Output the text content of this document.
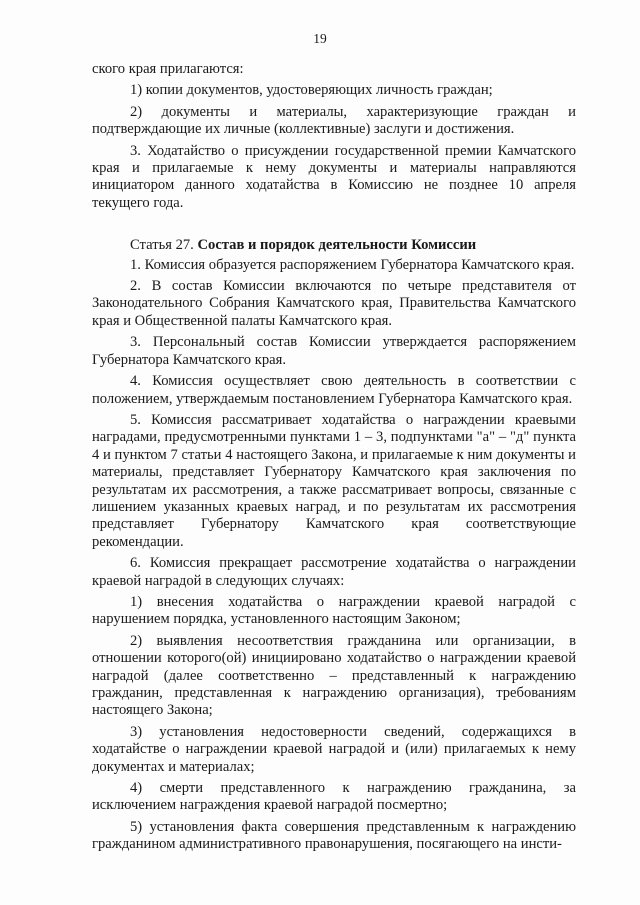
19

ского края прилагаются:

1) копии документов, удостоверяющих личность граждан;

2) документы и материалы, характеризующие граждан и подтверждающие их личные (коллективные) заслуги и достижения.

3. Ходатайство о присуждении государственной премии Камчатского края и прилагаемые к нему документы и материалы направляются инициатором данного ходатайства в Комиссию не позднее 10 апреля текущего года.

Статья 27. Состав и порядок деятельности Комиссии

1. Комиссия образуется распоряжением Губернатора Камчатского края.

2. В состав Комиссии включаются по четыре представителя от Законодательного Собрания Камчатского края, Правительства Камчатского края и Общественной палаты Камчатского края.

3. Персональный состав Комиссии утверждается распоряжением Губернатора Камчатского края.

4. Комиссия осуществляет свою деятельность в соответствии с положением, утверждаемым постановлением Губернатора Камчатского края.

5. Комиссия рассматривает ходатайства о награждении краевыми наградами, предусмотренными пунктами 1 – 3, подпунктами "а" – "д" пункта 4 и пунктом 7 статьи 4 настоящего Закона, и прилагаемые к ним документы и материалы, представляет Губернатору Камчатского края заключения по результатам их рассмотрения, а также рассматривает вопросы, связанные с лишением указанных краевых наград, и по результатам их рассмотрения представляет Губернатору Камчатского края соответствующие рекомендации.

6. Комиссия прекращает рассмотрение ходатайства о награждении краевой наградой в следующих случаях:

1) внесения ходатайства о награждении краевой наградой с нарушением порядка, установленного настоящим Законом;

2) выявления несоответствия гражданина или организации, в отношении которого(ой) инициировано ходатайство о награждении краевой наградой (далее соответственно – представленный к награждению гражданин, представленная к награждению организация), требованиям настоящего Закона;

3) установления недостоверности сведений, содержащихся в ходатайстве о награждении краевой наградой и (или) прилагаемых к нему документах и материалах;

4) смерти представленного к награждению гражданина, за исключением награждения краевой наградой посмертно;

5) установления факта совершения представленным к награждению гражданином административного правонарушения, посягающего на инсти-
